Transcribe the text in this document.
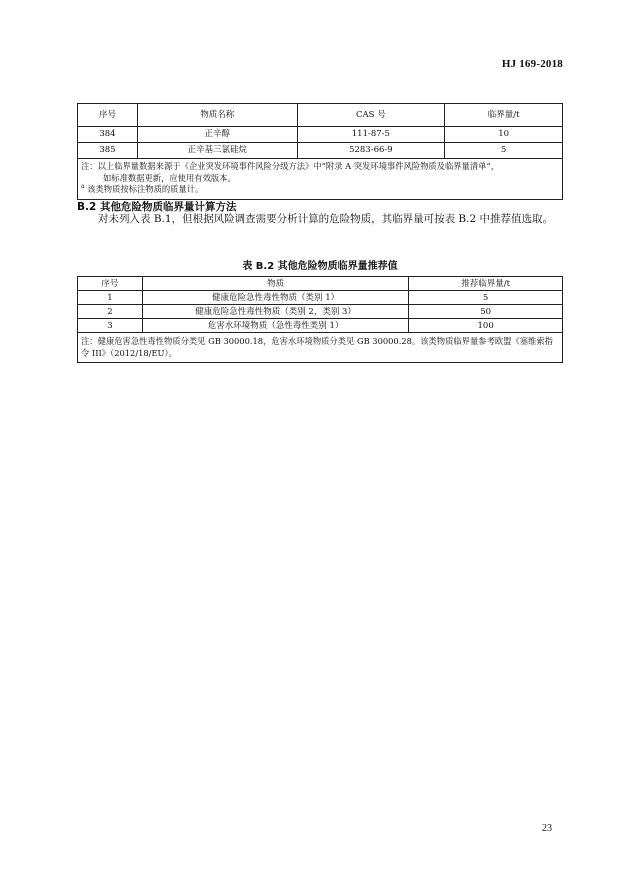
HJ 169-2018
序号	物质名称	CAS 号	临界量/t
384	正辛醇	111-87-5	10
385	正辛基三氯硅烷	5283-66-9	5

注：以上临界量数据来源于《企业突发环境事件风险分级方法》中“附录 A 突发环境事件风险物质及临界量清单”，
如标准数据更新，应使用有效版本。
$^a$ 该类物质按标注物质的质量计。			
B.2 其他危险物质临界量计算方法
对未列入表 B.1，但根据风险调查需要分析计算的危险物质，其临界量可按表 B.2 中推荐值选取。
表 B.2 其他危险物质临界量推荐值
序号	物质	推荐临界量/t
1	健康危险急性毒性物质（类别 1）	5
2	健康危险急性毒性物质（类别 2，类别 3）	50
3	危害水环境物质（急性毒性类别 1）	100
注：健康危害急性毒性物质分类见 GB 30000.18，危害水环境物质分类见 GB 30000.28。该类物质临界量参考欧盟《塞维索指令 III》（2012/18/EU）。		
23
